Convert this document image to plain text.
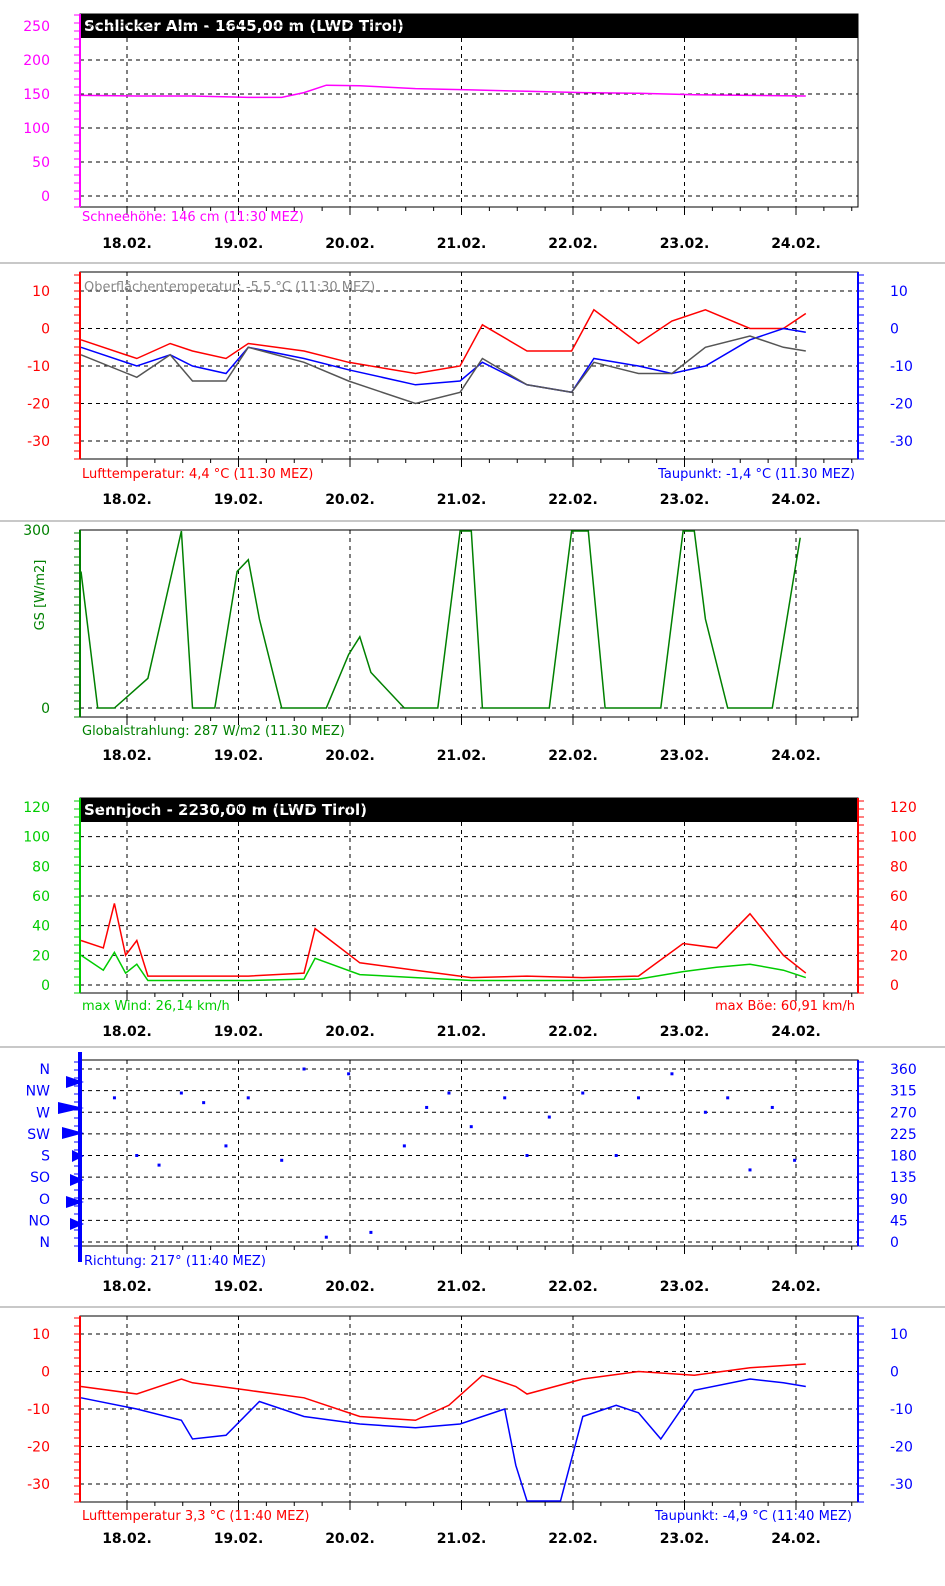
Schlicker Alm - 1645,00 m (LWD Tirol)
0
50
100
150
200
250
18.02.	19.02.	20.02.	21.02.	22.02.	23.02.	24.02.
Schneehöhe: 146 cm (11:30 MEZ)
-30
-20
-10
0
10
-30
-20
-10
0
10
18.02.	19.02.	20.02.	21.02.	22.02.	23.02.	24.02.
Oberflächentemperatur: -5,5 °C (11:30 MEZ)
Lufttemperatur: 4,4 °C (11.30 MEZ)	Taupunkt: -1,4 °C (11.30 MEZ)
0
300
18.02.	19.02.	20.02.	21.02.	22.02.	23.02.	24.02.
GS [W/m2]
Globalstrahlung: 287 W/m2 (11.30 MEZ)
Sennjoch - 2230,00 m (LWD Tirol)
0
20
40
60
80
100
120
0
20
40
60
80
100
120
18.02.	19.02.	20.02.	21.02.	22.02.	23.02.	24.02.
max Wind: 26,14 km/h	max Böe: 60,91 km/h
N
NO
O
SO
S
SW
W
NW
N
0
45
90
135
180
225
270
315
360
18.02.	19.02.	20.02.	21.02.	22.02.	23.02.	24.02.
Richtung: 217° (11:40 MEZ)
-30
-20
-10
0
10
-30
-20
-10
0
10
18.02.	19.02.	20.02.	21.02.	22.02.	23.02.	24.02.
Lufttemperatur 3,3 °C (11:40 MEZ)	Taupunkt: -4,9 °C (11:40 MEZ)
